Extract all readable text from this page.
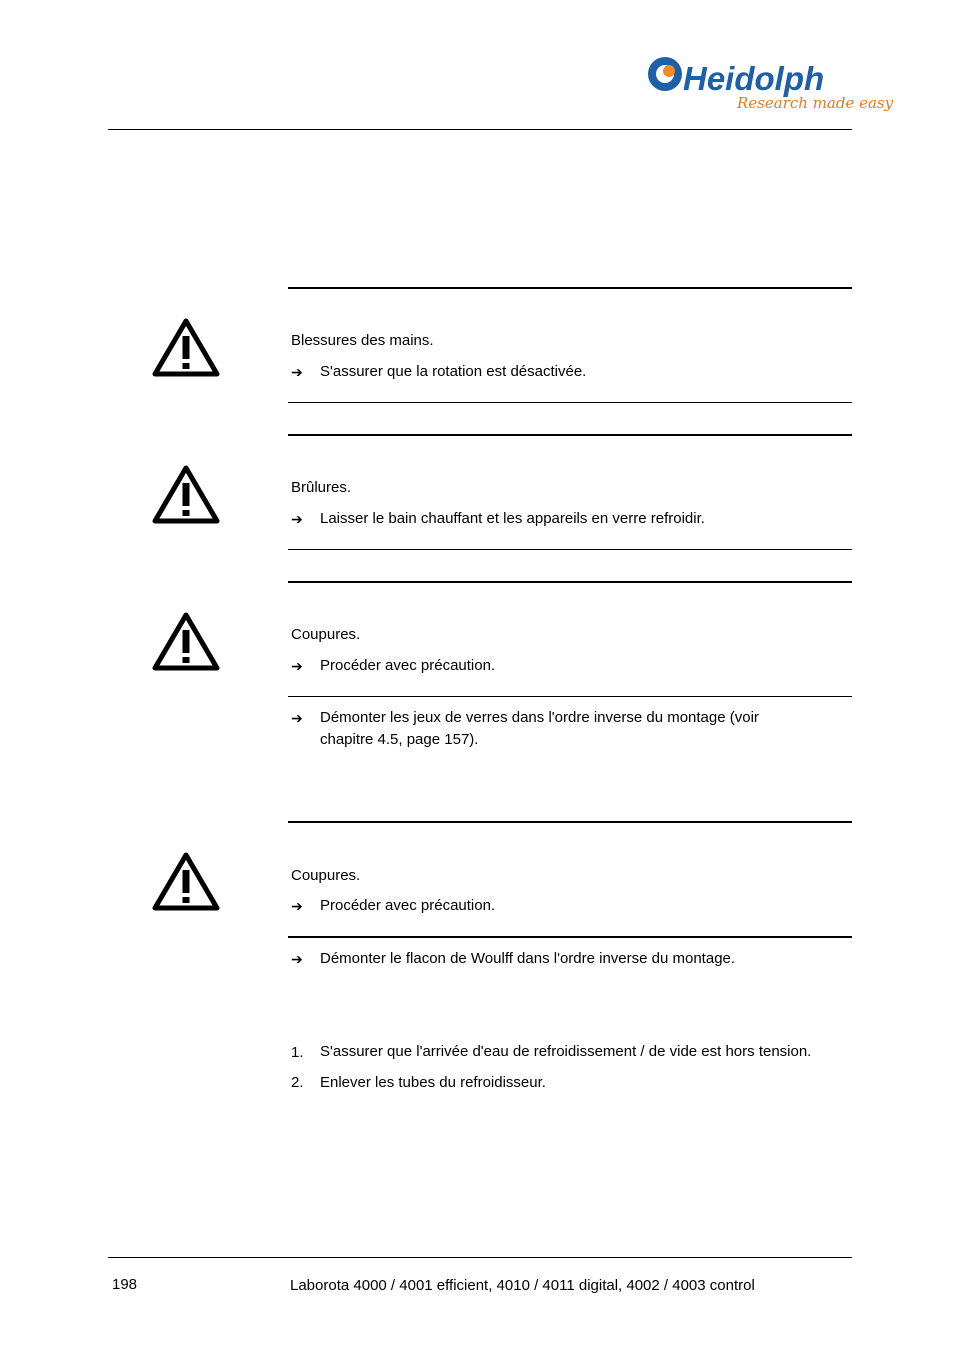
Heidolph
Research made easy
Blessures des mains.
➔	S'assurer que la rotation est désactivée.
Brûlures.
➔	Laisser le bain chauffant et les appareils en verre refroidir.
Coupures.
➔	Procéder avec précaution.
➔	Démonter les jeux de verres dans l'ordre inverse du montage (voir
chapitre 4.5, page 157).
Coupures.
➔	Procéder avec précaution.
➔	Démonter le flacon de Woulff dans l'ordre inverse du montage.
1. S'assurer que l'arrivée d'eau de refroidissement / de vide est hors tension.
2. Enlever les tubes du refroidisseur.
198	Laborota 4000 / 4001 efficient, 4010 / 4011 digital, 4002 / 4003 control
